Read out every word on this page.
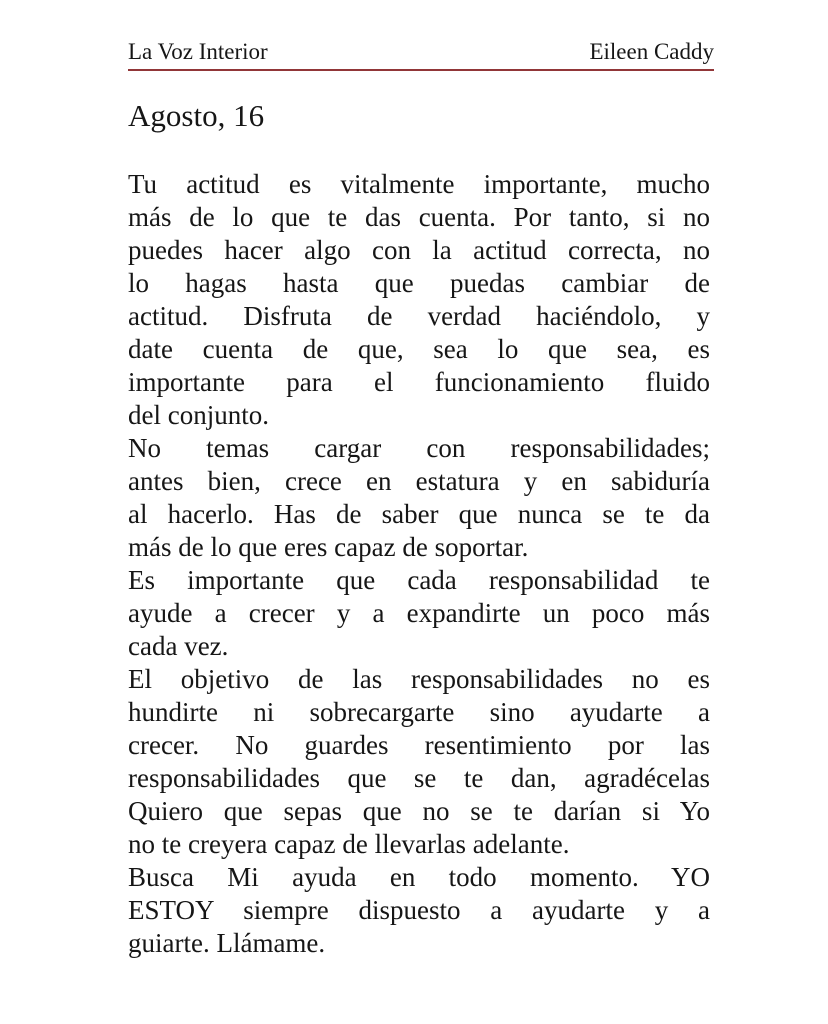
La Voz Interior	Eileen Caddy
Agosto, 16
Tu actitud es vitalmente importante, mucho
más de lo que te das cuenta. Por tanto, si no
puedes hacer algo con la actitud correcta, no
lo hagas hasta que puedas cambiar de
actitud. Disfruta de verdad haciéndolo, y
date cuenta de que, sea lo que sea, es
importante para el funcionamiento fluido
del conjunto.
No temas cargar con responsabilidades;
antes bien, crece en estatura y en sabiduría
al hacerlo. Has de saber que nunca se te da
más de lo que eres capaz de soportar.
Es importante que cada responsabilidad te
ayude a crecer y a expandirte un poco más
cada vez.
El objetivo de las responsabilidades no es
hundirte ni sobrecargarte sino ayudarte a
crecer. No guardes resentimiento por las
responsabilidades que se te dan, agradécelas
Quiero que sepas que no se te darían si Yo
no te creyera capaz de llevarlas adelante.
Busca Mi ayuda en todo momento. YO
ESTOY siempre dispuesto a ayudarte y a
guiarte. Llámame.
